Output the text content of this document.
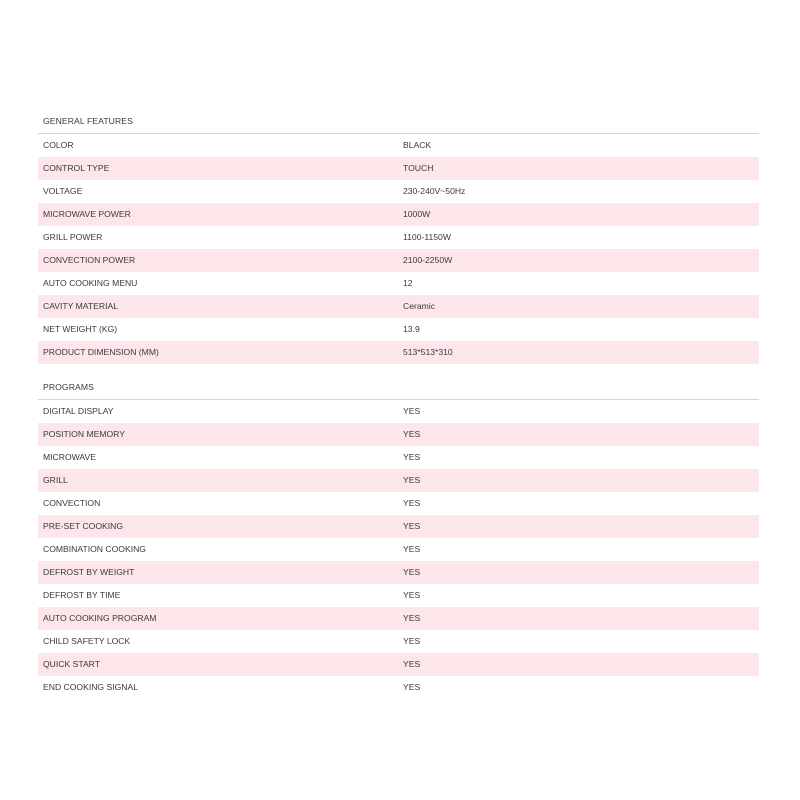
GENERAL FEATURES
COLOR	BLACK
CONTROL TYPE	TOUCH
VOLTAGE	230-240V~50Hz
MICROWAVE POWER	1000W
GRILL POWER	1100-1150W
CONVECTION POWER	2100-2250W
AUTO COOKING MENU	12
CAVITY MATERIAL	Ceramic
NET WEIGHT (KG)	13.9
PRODUCT DIMENSION (MM)	513*513*310
PROGRAMS
DIGITAL DISPLAY	YES
POSITION MEMORY	YES
MICROWAVE	YES
GRILL	YES
CONVECTION	YES
PRE-SET COOKING	YES
COMBINATION COOKING	YES
DEFROST BY WEIGHT	YES
DEFROST BY TIME	YES
AUTO COOKING PROGRAM	YES
CHILD SAFETY LOCK	YES
QUICK START	YES
END COOKING SIGNAL	YES
